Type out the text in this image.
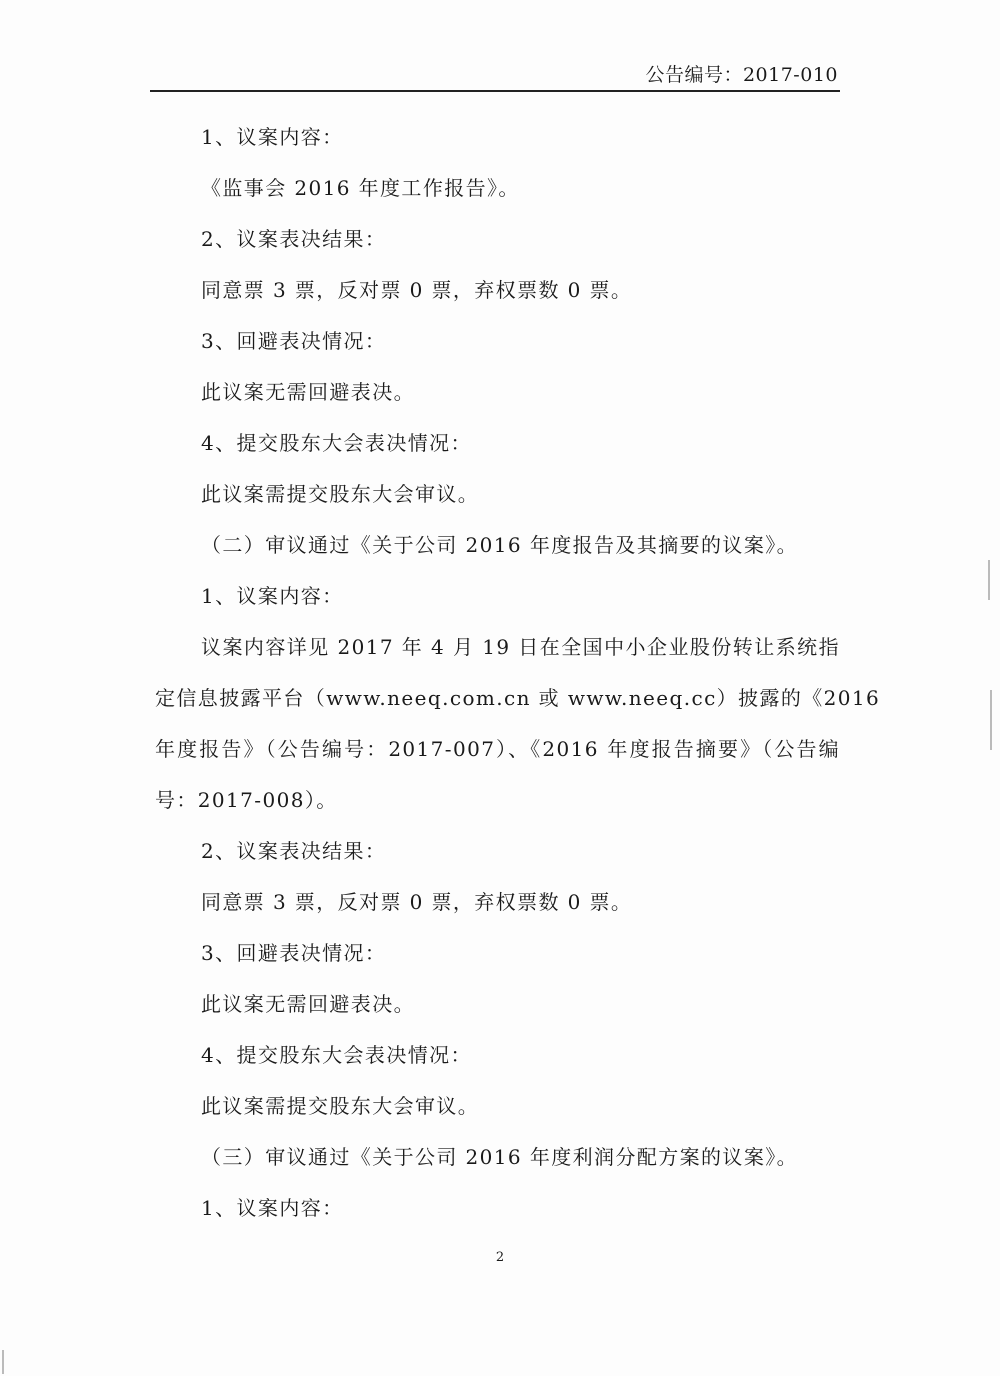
公告编号：2017-010
1、议案内容：
《监事会 2016 年度工作报告》。
2、议案表决结果：
同意票 3 票，反对票 0 票，弃权票数 0 票。
3、回避表决情况：
此议案无需回避表决。
4、提交股东大会表决情况：
此议案需提交股东大会审议。
（二）审议通过《关于公司 2016 年度报告及其摘要的议案》。
1、议案内容：
议案内容详见 2017 年 4 月 19 日在全国中小企业股份转让系统指
定信息披露平台（www.neeq.com.cn 或 www.neeq.cc）披露的《2016
年度报告》（公告编号：2017-007）、《2016 年度报告摘要》（公告编
号：2017-008）。
2、议案表决结果：
同意票 3 票，反对票 0 票，弃权票数 0 票。
3、回避表决情况：
此议案无需回避表决。
4、提交股东大会表决情况：
此议案需提交股东大会审议。
（三）审议通过《关于公司 2016 年度利润分配方案的议案》。
1、议案内容：
2
